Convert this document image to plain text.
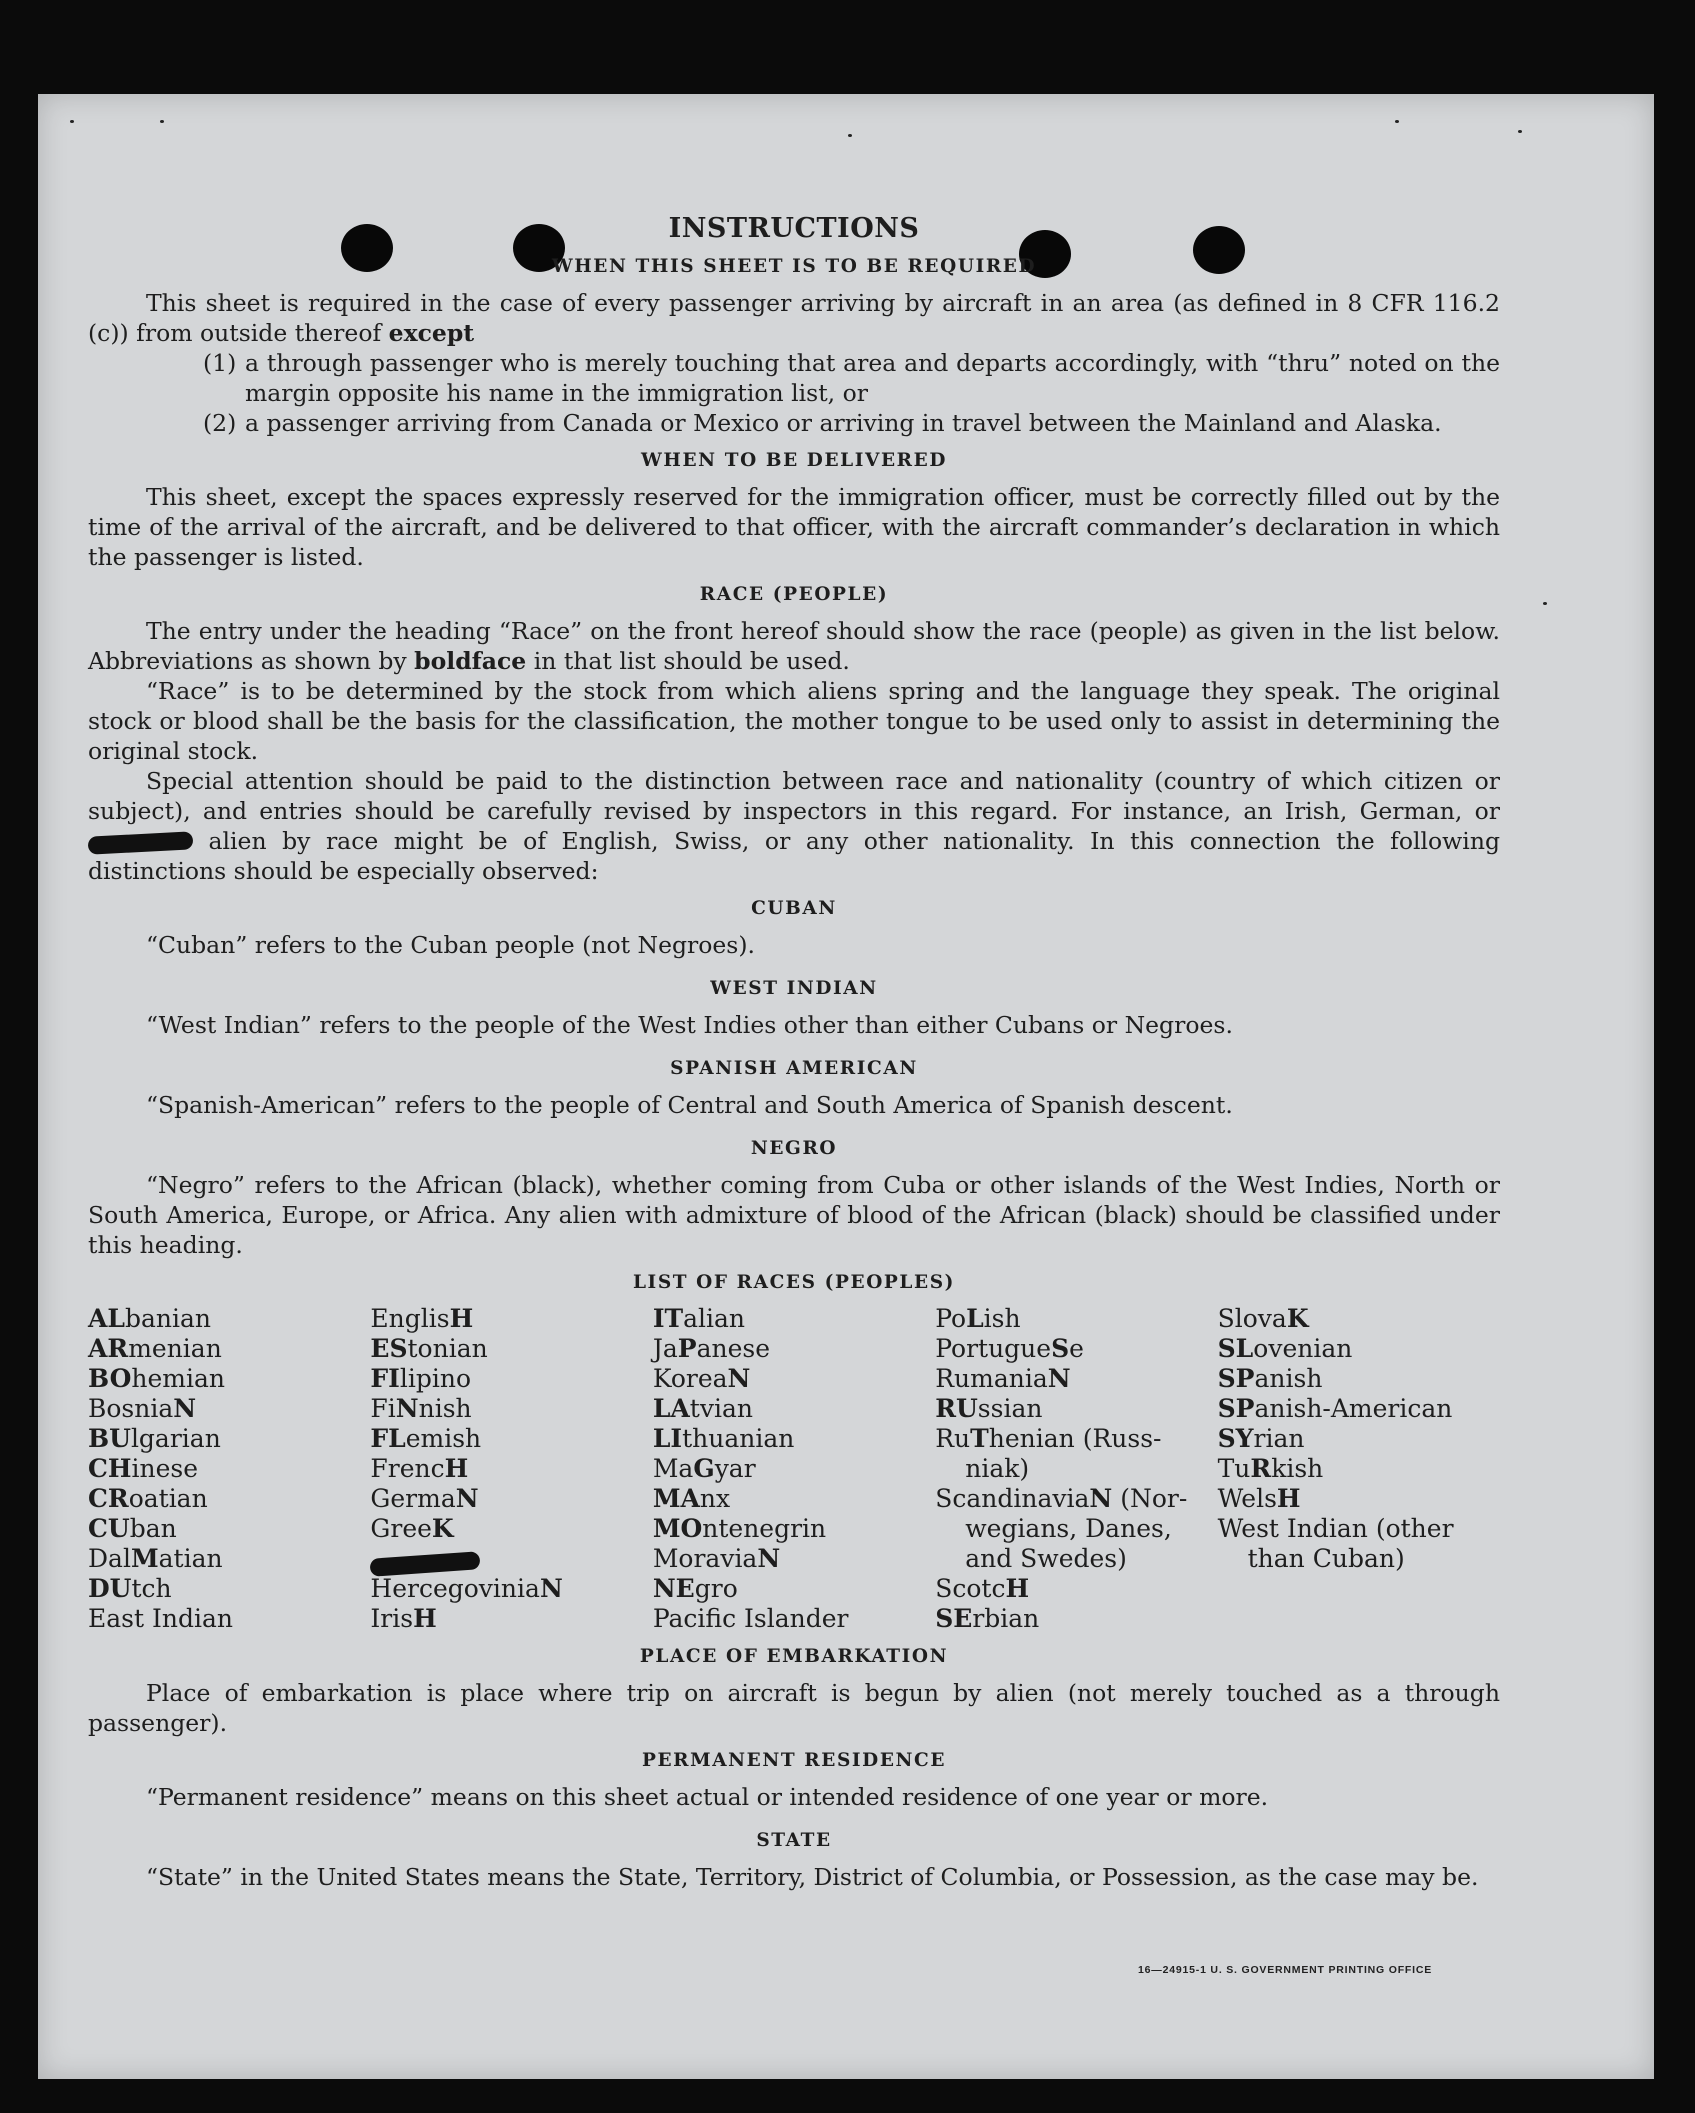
INSTRUCTIONS
WHEN THIS SHEET IS TO BE REQUIRED
This sheet is required in the case of every passenger arriving by aircraft in an area (as defined in 8 CFR 116.2 (c)) from outside thereof except
(1) a through passenger who is merely touching that area and departs accordingly, with “thru” noted on the margin opposite his name in the immigration list, or
(2) a passenger arriving from Canada or Mexico or arriving in travel between the Mainland and Alaska.
WHEN TO BE DELIVERED
This sheet, except the spaces expressly reserved for the immigration officer, must be correctly filled out by the time of the arrival of the aircraft, and be delivered to that officer, with the aircraft commander’s declaration in which the passenger is listed.
RACE (PEOPLE)
The entry under the heading “Race” on the front hereof should show the race (people) as given in the list below. Abbreviations as shown by boldface in that list should be used.
“Race” is to be determined by the stock from which aliens spring and the language they speak. The original stock or blood shall be the basis for the classification, the mother tongue to be used only to assist in determining the original stock.
Special attention should be paid to the distinction between race and nationality (country of which citizen or subject), and entries should be carefully revised by inspectors in this regard. For instance, an Irish, German, or  alien by race might be of English, Swiss, or any other nationality. In this connection the following distinctions should be especially observed:
CUBAN
“Cuban” refers to the Cuban people (not Negroes).
WEST INDIAN
“West Indian” refers to the people of the West Indies other than either Cubans or Negroes.
SPANISH AMERICAN
“Spanish-American” refers to the people of Central and South America of Spanish descent.
NEGRO
“Negro” refers to the African (black), whether coming from Cuba or other islands of the West Indies, North or South America, Europe, or Africa. Any alien with admixture of blood of the African (black) should be classified under this heading.
LIST OF RACES (PEOPLES)
ALbanian
ARmenian
BOhemian
BosniaN
BUlgarian
CHinese
CRoatian
CUban
DalMatian
DUtch
East Indian
EnglisH
EStonian
FIlipino
FiNnish
FLemish
FrencH
GermaN
GreeK
HercegoviniaN
IrisH
ITalian
JaPanese
KoreaN
LAtvian
LIthuanian
MaGyar
MAnx
MOntenegrin
MoraviaN
NEgro
Pacific Islander
PoLish
PortugueSe
RumaniaN
RUssian
RuThenian (Russ-
niak)
ScandinaviaN (Nor-
wegians, Danes,
and Swedes)
ScotcH
SErbian
SlovaK
SLovenian
SPanish
SPanish-American
SYrian
TuRkish
WelsH
West Indian (other
than Cuban)
PLACE OF EMBARKATION
Place of embarkation is place where trip on aircraft is begun by alien (not merely touched as a through passenger).
PERMANENT RESIDENCE
“Permanent residence” means on this sheet actual or intended residence of one year or more.
STATE
“State” in the United States means the State, Territory, District of Columbia, or Possession, as the case may be.
16—24915-1 U. S. GOVERNMENT PRINTING OFFICE
